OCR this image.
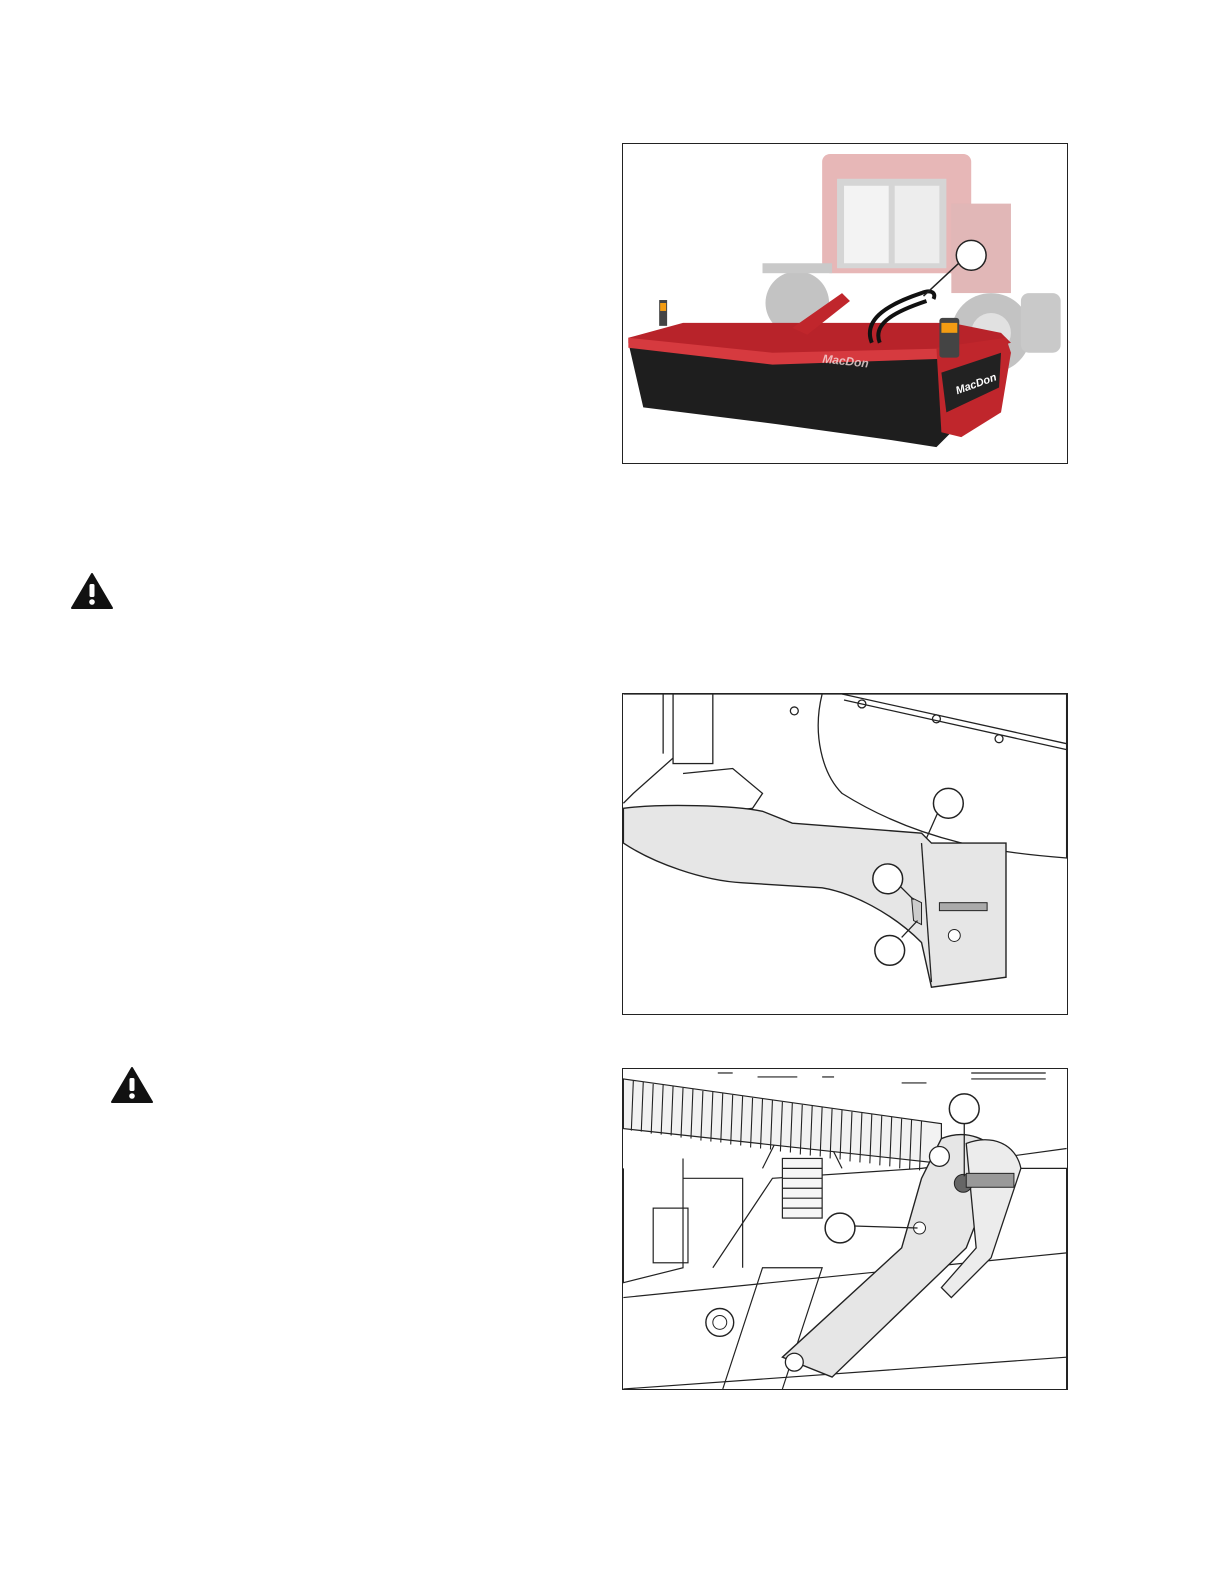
MacDon
MacDon
